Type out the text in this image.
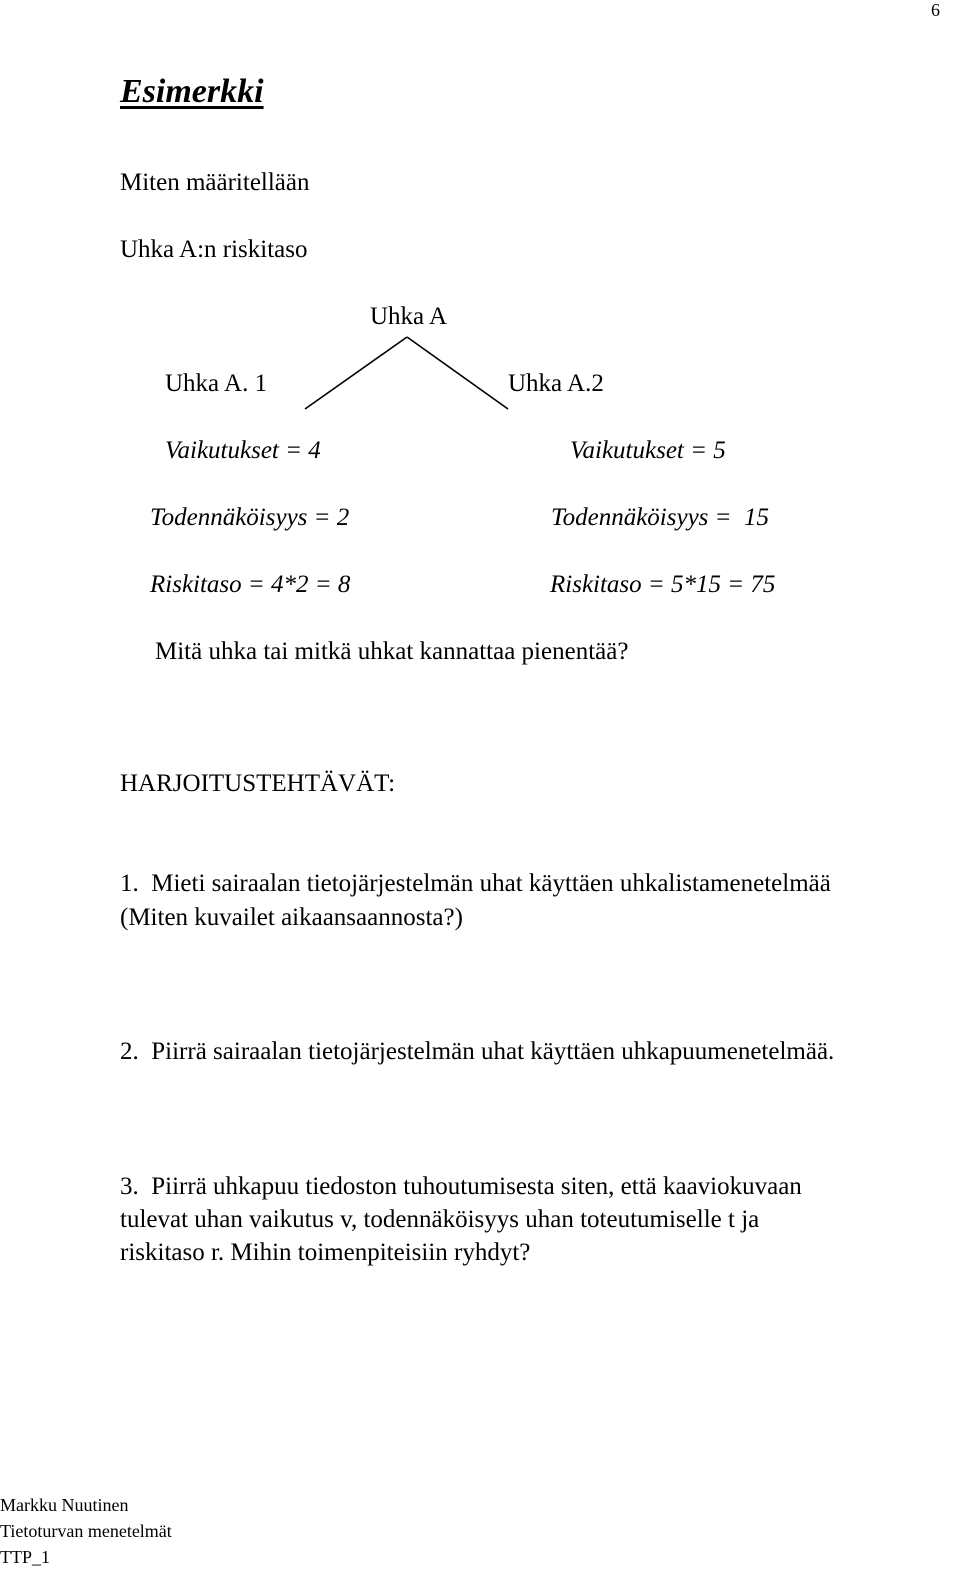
6
Esimerkki

Miten määritellään

Uhka A:n riskitaso

Uhka A

Uhka A. 1	Uhka A.2

Vaikutukset = 4	Vaikutukset = 5

Todennäköisyys = 2	Todennäköisyys =  15

Riskitaso = 4*2 = 8	Riskitaso = 5*15 = 75

Mitä uhka tai mitkä uhkat kannattaa pienentää?

HARJOITUSTEHTÄVÄT:

1.  Mieti sairaalan tietojärjestelmän uhat käyttäen uhkalistamenetelmää

(Miten kuvailet aikaansaannosta?)

2.  Piirrä sairaalan tietojärjestelmän uhat käyttäen uhkapuumenetelmää.

3.  Piirrä uhkapuu tiedoston tuhoutumisesta siten, että kaaviokuvaan

tulevat uhan vaikutus v, todennäköisyys uhan toteutumiselle t ja

riskitaso r. Mihin toimenpiteisiin ryhdyt?

Markku Nuutinen

Tietoturvan menetelmät

TTP_1
